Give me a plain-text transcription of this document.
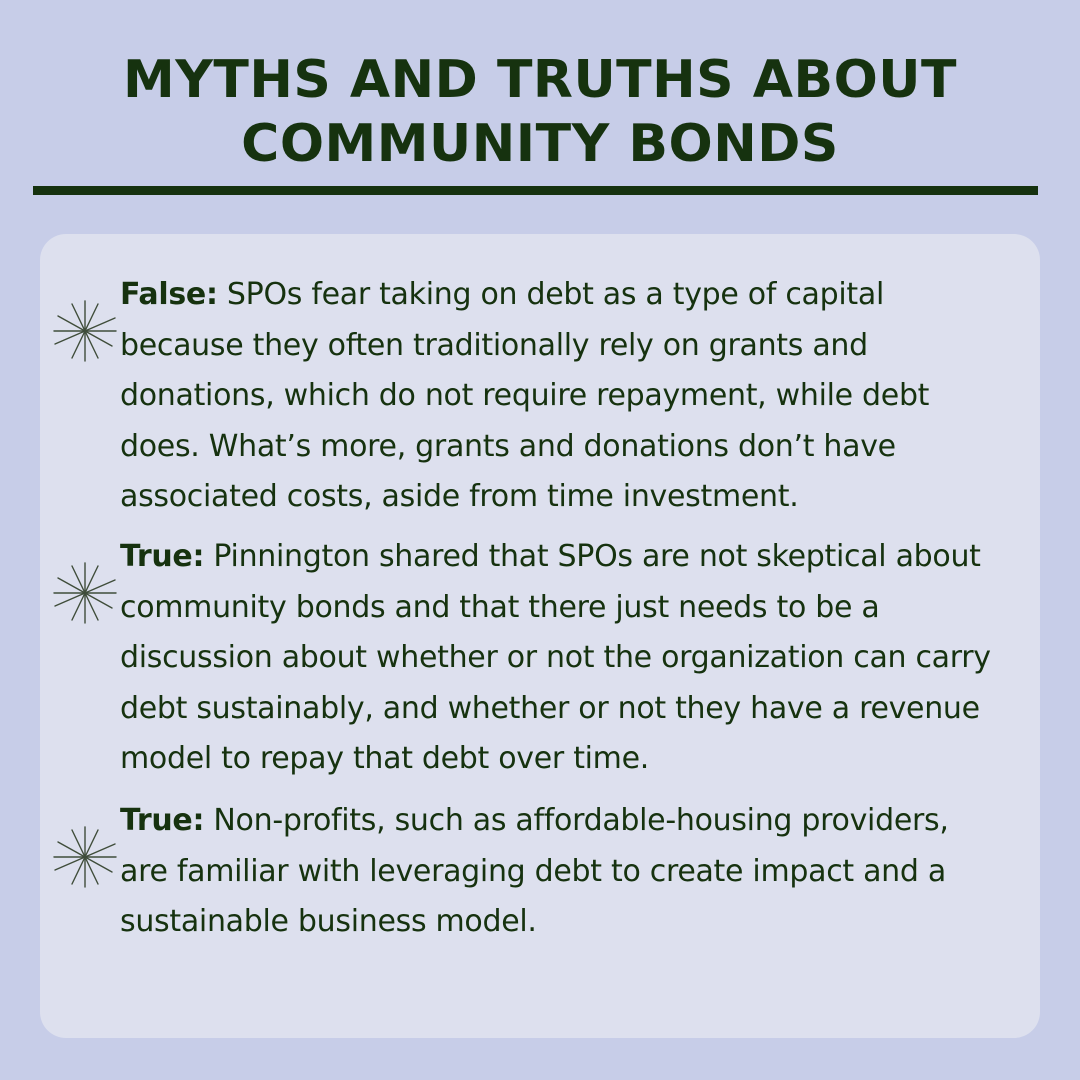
MYTHS AND TRUTHS ABOUT
COMMUNITY BONDS
False: SPOs fear taking on debt as a type of capital because they often traditionally rely on grants and donations, which do not require repayment, while debt does. What’s more, grants and donations don’t have associated costs, aside from time investment.
True: Pinnington shared that SPOs are not skeptical about community bonds and that there just needs to be a discussion about whether or not the organization can carry debt sustainably, and whether or not they have a revenue model to repay that debt over time.
True: Non-profits, such as affordable-housing providers, are familiar with leveraging debt to create impact and a sustainable business model.
